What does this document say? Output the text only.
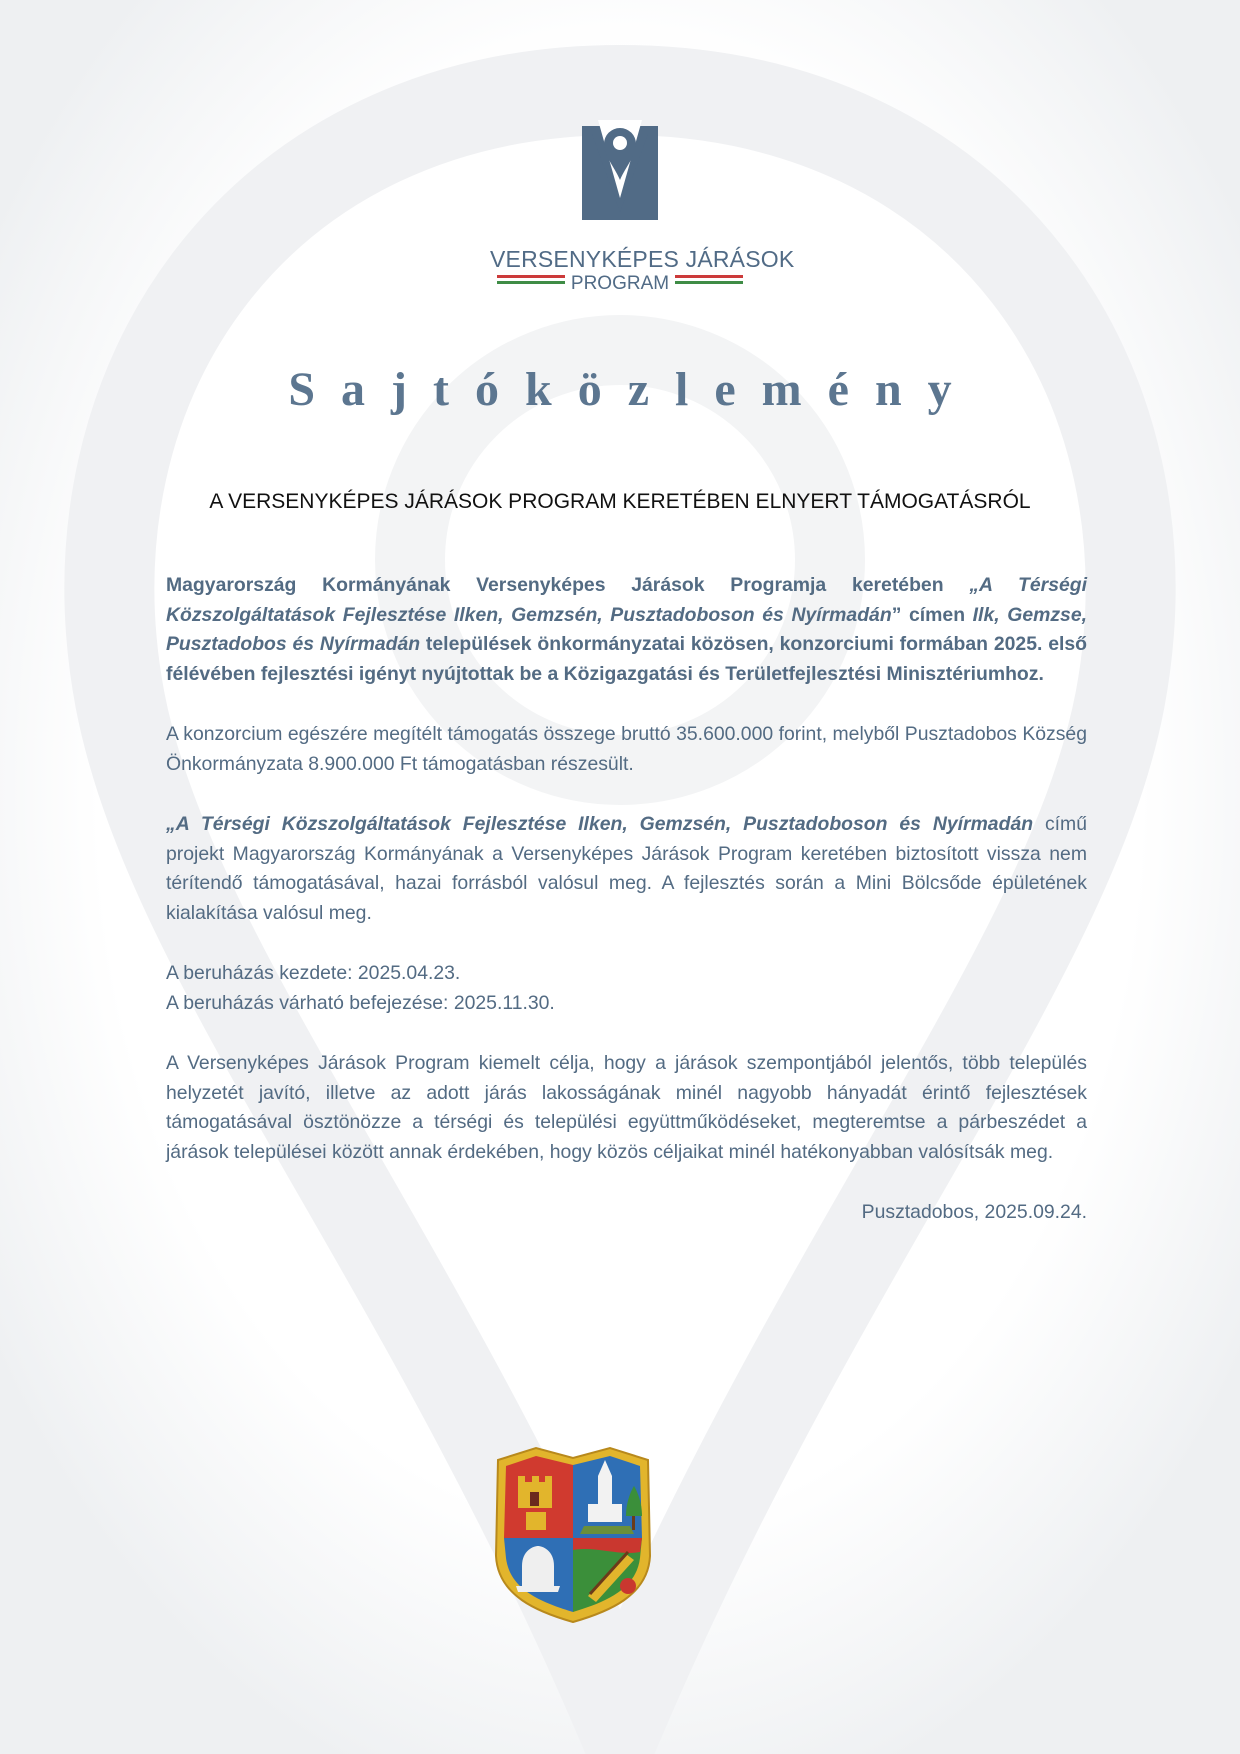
VERSENYKÉPES JÁRÁSOK
PROGRAM
Sajtóközlemény
A VERSENYKÉPES JÁRÁSOK PROGRAM KERETÉBEN ELNYERT TÁMOGATÁSRÓL

Magyarország Kormányának Versenyképes Járások Programja keretében „A Térségi Közszolgáltatások Fejlesztése Ilken, Gemzsén, Pusztadoboson és Nyírmadán” címen Ilk, Gemzse, Pusztadobos és Nyírmadán települések önkormányzatai közösen, konzorciumi formában 2025. első félévében fejlesztési igényt nyújtottak be a Közigazgatási és Területfejlesztési Minisztériumhoz.

A konzorcium egészére megítélt támogatás összege bruttó 35.600.000 forint, melyből Pusztadobos Község Önkormányzata 8.900.000 Ft támogatásban részesült.

„A Térségi Közszolgáltatások Fejlesztése Ilken, Gemzsén, Pusztadoboson és Nyírmadán című projekt Magyarország Kormányának a Versenyképes Járások Program keretében biztosított vissza nem térítendő támogatásával, hazai forrásból valósul meg. A fejlesztés során a Mini Bölcsőde épületének kialakítása valósul meg.

A beruházás kezdete: 2025.04.23.

A beruházás várható befejezése: 2025.11.30.

A Versenyképes Járások Program kiemelt célja, hogy a járások szempontjából jelentős, több település helyzetét javító, illetve az adott járás lakosságának minél nagyobb hányadát érintő fejlesztések támogatásával ösztönözze a térségi és települési együttműködéseket, megteremtse a párbeszédet a járások települései között annak érdekében, hogy közös céljaikat minél hatékonyabban valósítsák meg.

Pusztadobos, 2025.09.24.
